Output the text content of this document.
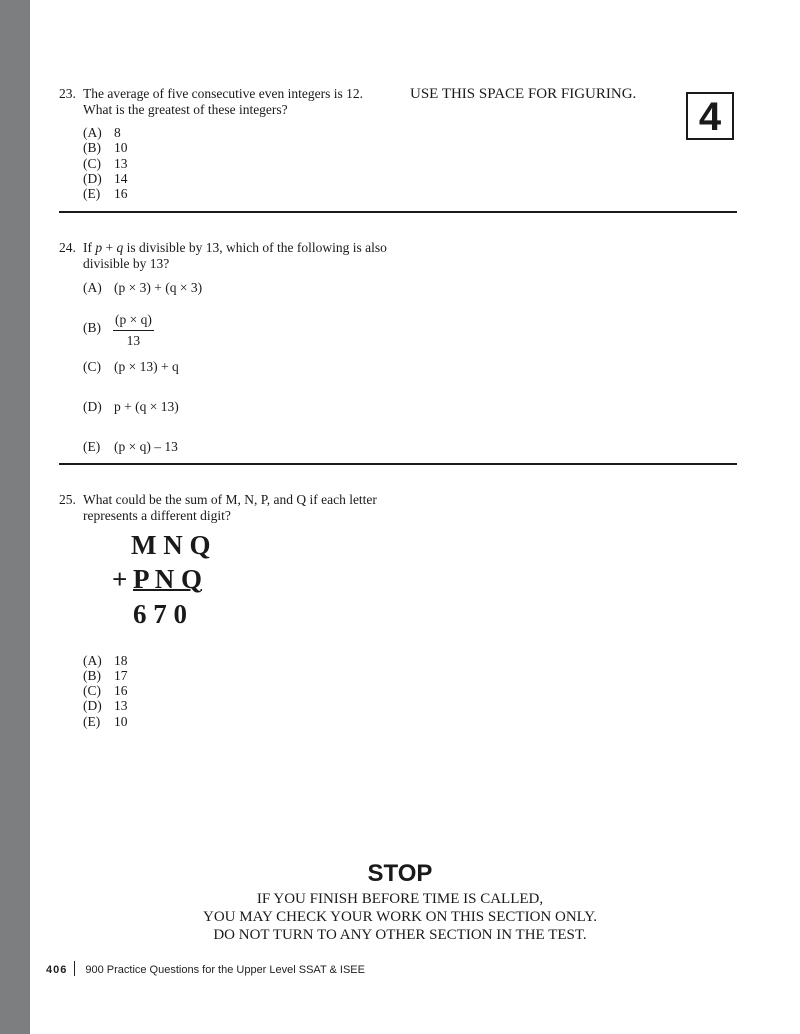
23. The average of five consecutive even integers is 12.
What is the greatest of these integers?
(A) 8
(B) 10
(C) 13
(D) 14
(E) 16
USE THIS SPACE FOR FIGURING.
4
24. If p + q is divisible by 13, which of the following is also
divisible by 13?
(A) (p × 3) + (q × 3)
$(B) \frac{(p \times q)}{13}$
(C) (p × 13) + q
(D) p + (q × 13)
(E) (p × q) – 13
25. What could be the sum of M, N, P, and Q if each letter
represents a different digit?
M N Q
+ P N Q
6 7 0
(A) 18
(B) 17
(C) 16
(D) 13
(E) 10
STOP
IF YOU FINISH BEFORE TIME IS CALLED,
YOU MAY CHECK YOUR WORK ON THIS SECTION ONLY.
DO NOT TURN TO ANY OTHER SECTION IN THE TEST.
406 900 Practice Questions for the Upper Level SSAT & ISEE
